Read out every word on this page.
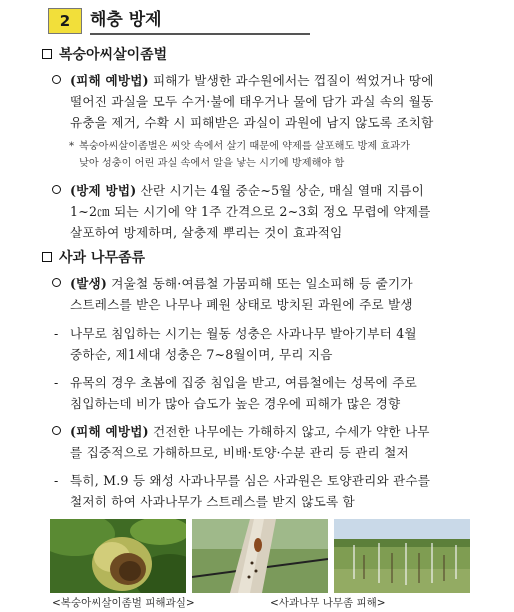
2	해충 방제
복숭아씨살이좀벌
(피해 예방법) 피해가 발생한 과수원에서는 껍질이 썩었거나 땅에
떨어진 과실을 모두 수거·불에 태우거나 물에 담가 과실 속의 월동
유충을 제거, 수확 시 피해받은 과실이 과원에 남지 않도록 조치함
* 복숭아씨살이좀벌은 씨앗 속에서 살기 때문에 약제를 살포해도 방제 효과가
낮아 성충이 어린 과실 속에서 알을 낳는 시기에 방제해야 함
(방제 방법) 산란 시기는 4월 중순~5월 상순, 매실 열매 지름이
1~2㎝ 되는 시기에 약 1주 간격으로 2~3회 정오 무렵에 약제를
살포하여 방제하며, 살충제 뿌리는 것이 효과적임
사과 나무좀류
(발생) 겨울철 동해·여름철 가뭄피해 또는 일소피해 등 줄기가
스트레스를 받은 나무나 폐원 상태로 방치된 과원에 주로 발생
- 나무로 침입하는 시기는 월동 성충은 사과나무 발아기부터 4월
중하순, 제1세대 성충은 7~8월이며, 무리 지음
- 유목의 경우 초봄에 집중 침입을 받고, 여름철에는 성목에 주로
침입하는데 비가 많아 습도가 높은 경우에 피해가 많은 경향
(피해 예방법) 건전한 나무에는 가해하지 않고, 수세가 약한 나무
를 집중적으로 가해하므로, 비배·토양·수분 관리 등 관리 철저
- 특히, M.9 등 왜성 사과나무를 심은 사과원은 토양관리와 관수를
철저히 하여 사과나무가 스트레스를 받지 않도록 함
<복숭아씨살이좀벌 피해과실>	<사과나무 나무좀 피해>
